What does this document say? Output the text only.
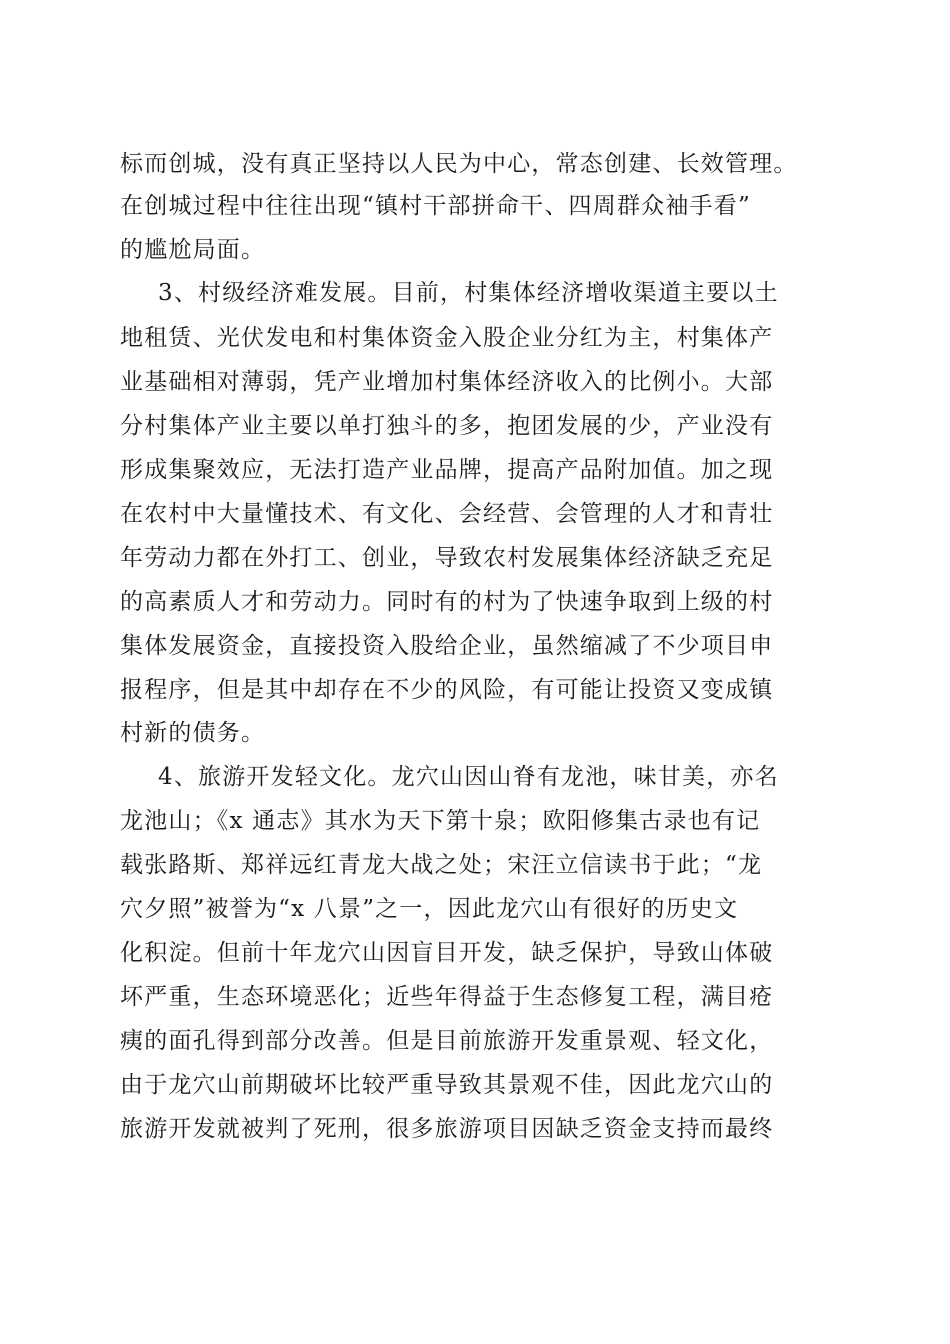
标而创城，没有真正坚持以人民为中心，常态创建、长效管理。

在创城过程中往往出现“镇村干部拼命干、四周群众袖手看”

的尴尬局面。

3、村级经济难发展。目前，村集体经济增收渠道主要以土

地租赁、光伏发电和村集体资金入股企业分红为主，村集体产

业基础相对薄弱，凭产业增加村集体经济收入的比例小。大部

分村集体产业主要以单打独斗的多，抱团发展的少，产业没有

形成集聚效应，无法打造产业品牌，提高产品附加值。加之现

在农村中大量懂技术、有文化、会经营、会管理的人才和青壮

年劳动力都在外打工、创业，导致农村发展集体经济缺乏充足

的高素质人才和劳动力。同时有的村为了快速争取到上级的村

集体发展资金，直接投资入股给企业，虽然缩减了不少项目申

报程序，但是其中却存在不少的风险，有可能让投资又变成镇

村新的债务。

4、旅游开发轻文化。龙穴山因山脊有龙池，味甘美，亦名

龙池山；《x 通志》其水为天下第十泉；欧阳修集古录也有记

载张路斯、郑祥远红青龙大战之处；宋汪立信读书于此；“龙

穴夕照”被誉为“x 八景”之一，因此龙穴山有很好的历史文

化积淀。但前十年龙穴山因盲目开发，缺乏保护，导致山体破

坏严重，生态环境恶化；近些年得益于生态修复工程，满目疮

痍的面孔得到部分改善。但是目前旅游开发重景观、轻文化，

由于龙穴山前期破坏比较严重导致其景观不佳，因此龙穴山的

旅游开发就被判了死刑，很多旅游项目因缺乏资金支持而最终
